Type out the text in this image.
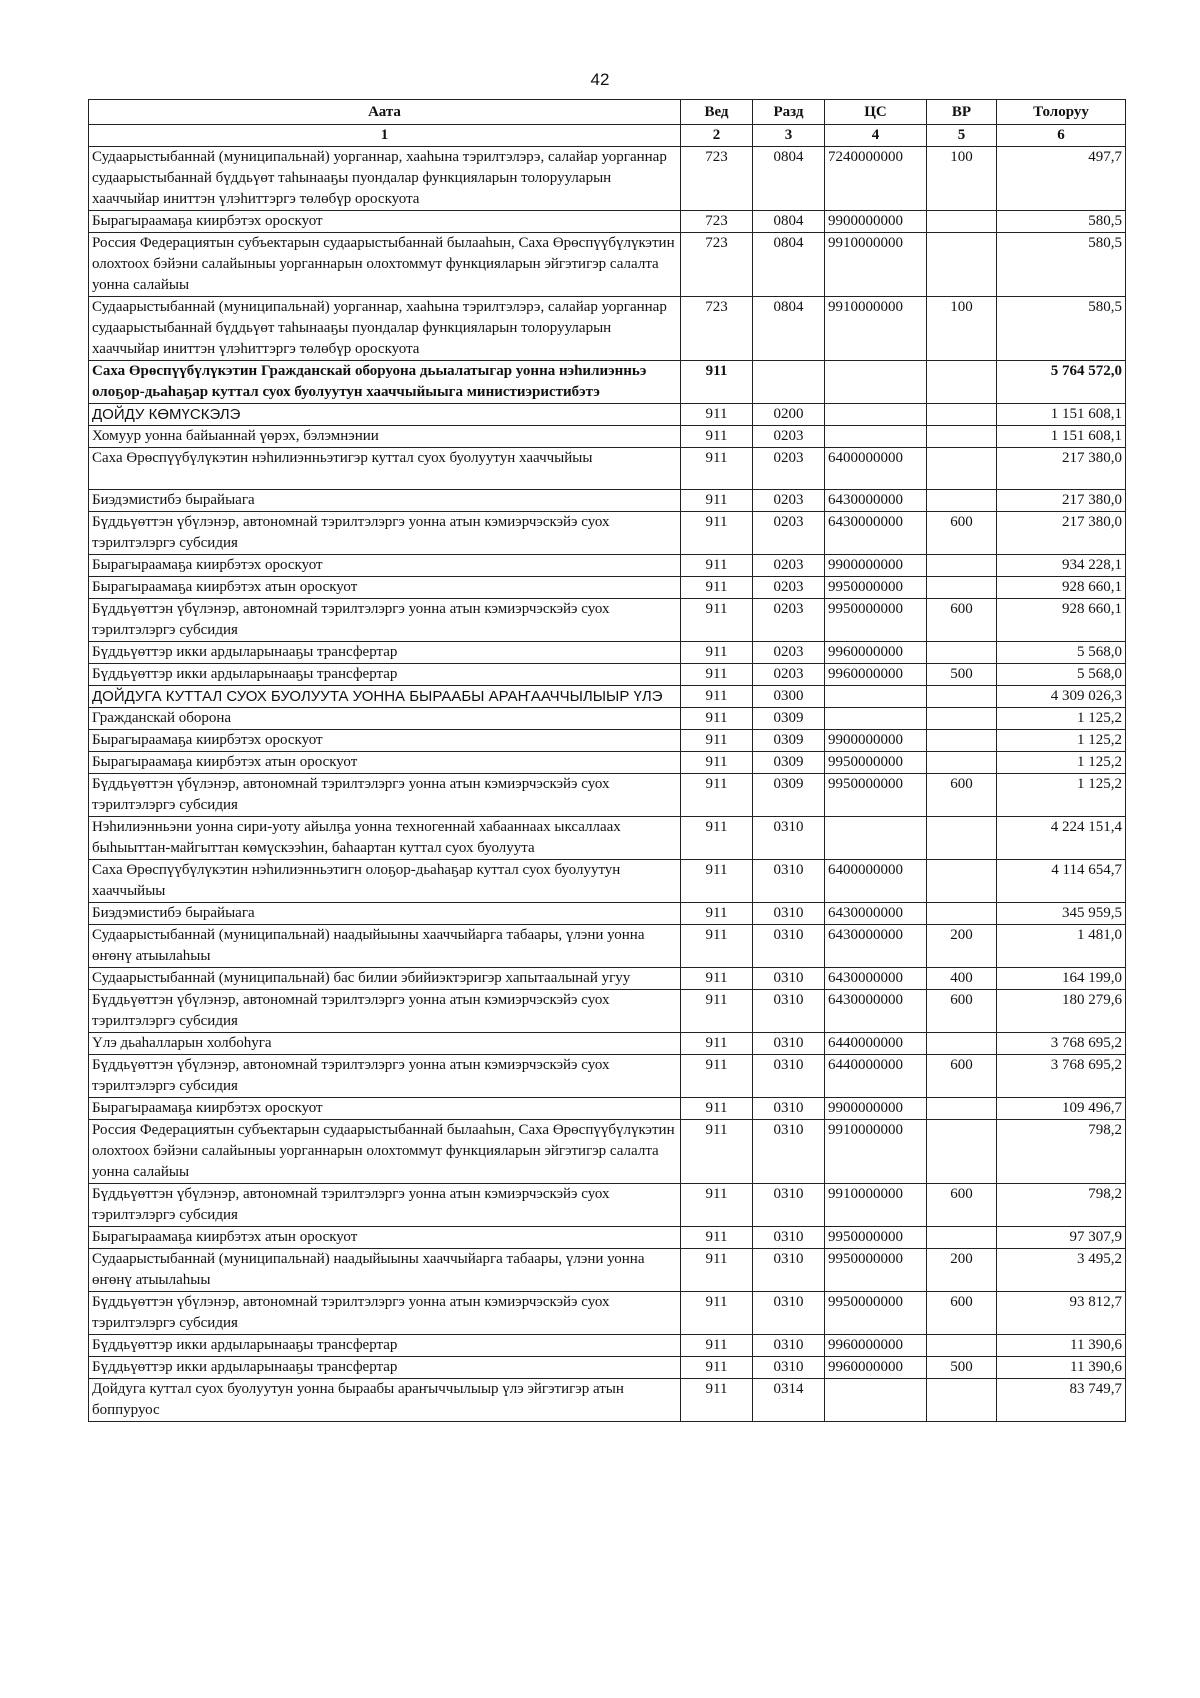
42
Аата	Вед	Разд	ЦС	ВР	Толоруу
1	2	3	4	5	6
Судаарыстыбаннай (муниципальнай) уорганнар, хааһына тэрилтэлэрэ, салайар уорганнар судаарыстыбаннай бүддьүөт таһынааҕы пуондалар функцияларын толорууларын хааччыйар иниттэн үлэһиттэргэ төлөбүр ороскуота	723	0804	7240000000	100	497,7
Бырагыраамаҕа киирбэтэх ороскуот	723	0804	9900000000		580,5
Россия Федерациятын субъектарын судаарыстыбаннай былааһын, Саха Өрөспүүбүлүкэтин олохтоох бэйэни салайыныы уорганнарын олохтоммут функцияларын эйгэтигэр салалта уонна салайыы	723	0804	9910000000		580,5
Судаарыстыбаннай (муниципальнай) уорганнар, хааһына тэрилтэлэрэ, салайар уорганнар судаарыстыбаннай бүддьүөт таһынааҕы пуондалар функцияларын толорууларын хааччыйар иниттэн үлэһиттэргэ төлөбүр ороскуота	723	0804	9910000000	100	580,5
Саха Өрөспүүбүлүкэтин Гражданскай оборуона дьыалатыгар уонна нэһилиэнньэ олоҕор-дьаһаҕар куттал суох буолуутун хааччыйыыга министиэристибэтэ	911				5 764 572,0
ДОЙДУ КӨМҮСКЭЛЭ	911	0200			1 151 608,1
Хомуур уонна байыаннай үөрэх, бэлэмнэнии	911	0203			1 151 608,1
Саха Өрөспүүбүлүкэтин нэһилиэнньэтигэр куттал суох буолуутун хааччыйыы	911	0203	6400000000		217 380,0
Биэдэмистибэ бырайыага	911	0203	6430000000		217 380,0
Бүддьүөттэн үбүлэнэр, автономнай тэрилтэлэргэ уонна атын кэмиэрчэскэйэ суох тэрилтэлэргэ субсидия	911	0203	6430000000	600	217 380,0
Бырагыраамаҕа киирбэтэх ороскуот	911	0203	9900000000		934 228,1
Бырагыраамаҕа киирбэтэх атын ороскуот	911	0203	9950000000		928 660,1
Бүддьүөттэн үбүлэнэр, автономнай тэрилтэлэргэ уонна атын кэмиэрчэскэйэ суох тэрилтэлэргэ субсидия	911	0203	9950000000	600	928 660,1
Бүддьүөттэр икки ардыларынааҕы трансфертар	911	0203	9960000000		5 568,0
Бүддьүөттэр икки ардыларынааҕы трансфертар	911	0203	9960000000	500	5 568,0
ДОЙДУГА КУТТАЛ СУОХ БУОЛУУТА УОННА БЫРААБЫ АРАҤААЧЧЫЛЫЫР ҮЛЭ	911	0300			4 309 026,3
Гражданскай оборона	911	0309			1 125,2
Бырагыраамаҕа киирбэтэх ороскуот	911	0309	9900000000		1 125,2
Бырагыраамаҕа киирбэтэх атын ороскуот	911	0309	9950000000		1 125,2
Бүддьүөттэн үбүлэнэр, автономнай тэрилтэлэргэ уонна атын кэмиэрчэскэйэ суох тэрилтэлэргэ субсидия	911	0309	9950000000	600	1 125,2
Нэһилиэнньэни уонна сири-уоту айылҕа уонна техногеннай хабааннаах ыксаллаах быһыыттан-майгыттан көмүскээһин, баһаартан куттал суох буолуута	911	0310			4 224 151,4
Саха Өрөспүүбүлүкэтин нэһилиэнньэтигн олоҕор-дьаһаҕар куттал суох буолуутун хааччыйыы	911	0310	6400000000		4 114 654,7
Биэдэмистибэ бырайыага	911	0310	6430000000		345 959,5
Судаарыстыбаннай (муниципальнай) наадыйыыны хааччыйарга табаары, үлэни уонна өҥөнү атыылаһыы	911	0310	6430000000	200	1 481,0
Судаарыстыбаннай (муниципальнай) бас билии эбийиэктэригэр хапытаалынай угуу	911	0310	6430000000	400	164 199,0
Бүддьүөттэн үбүлэнэр, автономнай тэрилтэлэргэ уонна атын кэмиэрчэскэйэ суох тэрилтэлэргэ субсидия	911	0310	6430000000	600	180 279,6
Үлэ дьаһалларын холбоһуга	911	0310	6440000000		3 768 695,2
Бүддьүөттэн үбүлэнэр, автономнай тэрилтэлэргэ уонна атын кэмиэрчэскэйэ суох тэрилтэлэргэ субсидия	911	0310	6440000000	600	3 768 695,2
Бырагыраамаҕа киирбэтэх ороскуот	911	0310	9900000000		109 496,7
Россия Федерациятын субъектарын судаарыстыбаннай былааһын, Саха Өрөспүүбүлүкэтин олохтоох бэйэни салайыныы уорганнарын олохтоммут функцияларын эйгэтигэр салалта уонна салайыы	911	0310	9910000000		798,2
Бүддьүөттэн үбүлэнэр, автономнай тэрилтэлэргэ уонна атын кэмиэрчэскэйэ суох тэрилтэлэргэ субсидия	911	0310	9910000000	600	798,2
Бырагыраамаҕа киирбэтэх атын ороскуот	911	0310	9950000000		97 307,9
Судаарыстыбаннай (муниципальнай) наадыйыыны хааччыйарга табаары, үлэни уонна өҥөнү атыылаһыы	911	0310	9950000000	200	3 495,2
Бүддьүөттэн үбүлэнэр, автономнай тэрилтэлэргэ уонна атын кэмиэрчэскэйэ суох тэрилтэлэргэ субсидия	911	0310	9950000000	600	93 812,7
Бүддьүөттэр икки ардыларынааҕы трансфертар	911	0310	9960000000		11 390,6
Бүддьүөттэр икки ардыларынааҕы трансфертар	911	0310	9960000000	500	11 390,6
Дойдуга куттал суох буолуутун уонна быраабы араҥыччылыыр үлэ эйгэтигэр атын боппуруос	911	0314			83 749,7
